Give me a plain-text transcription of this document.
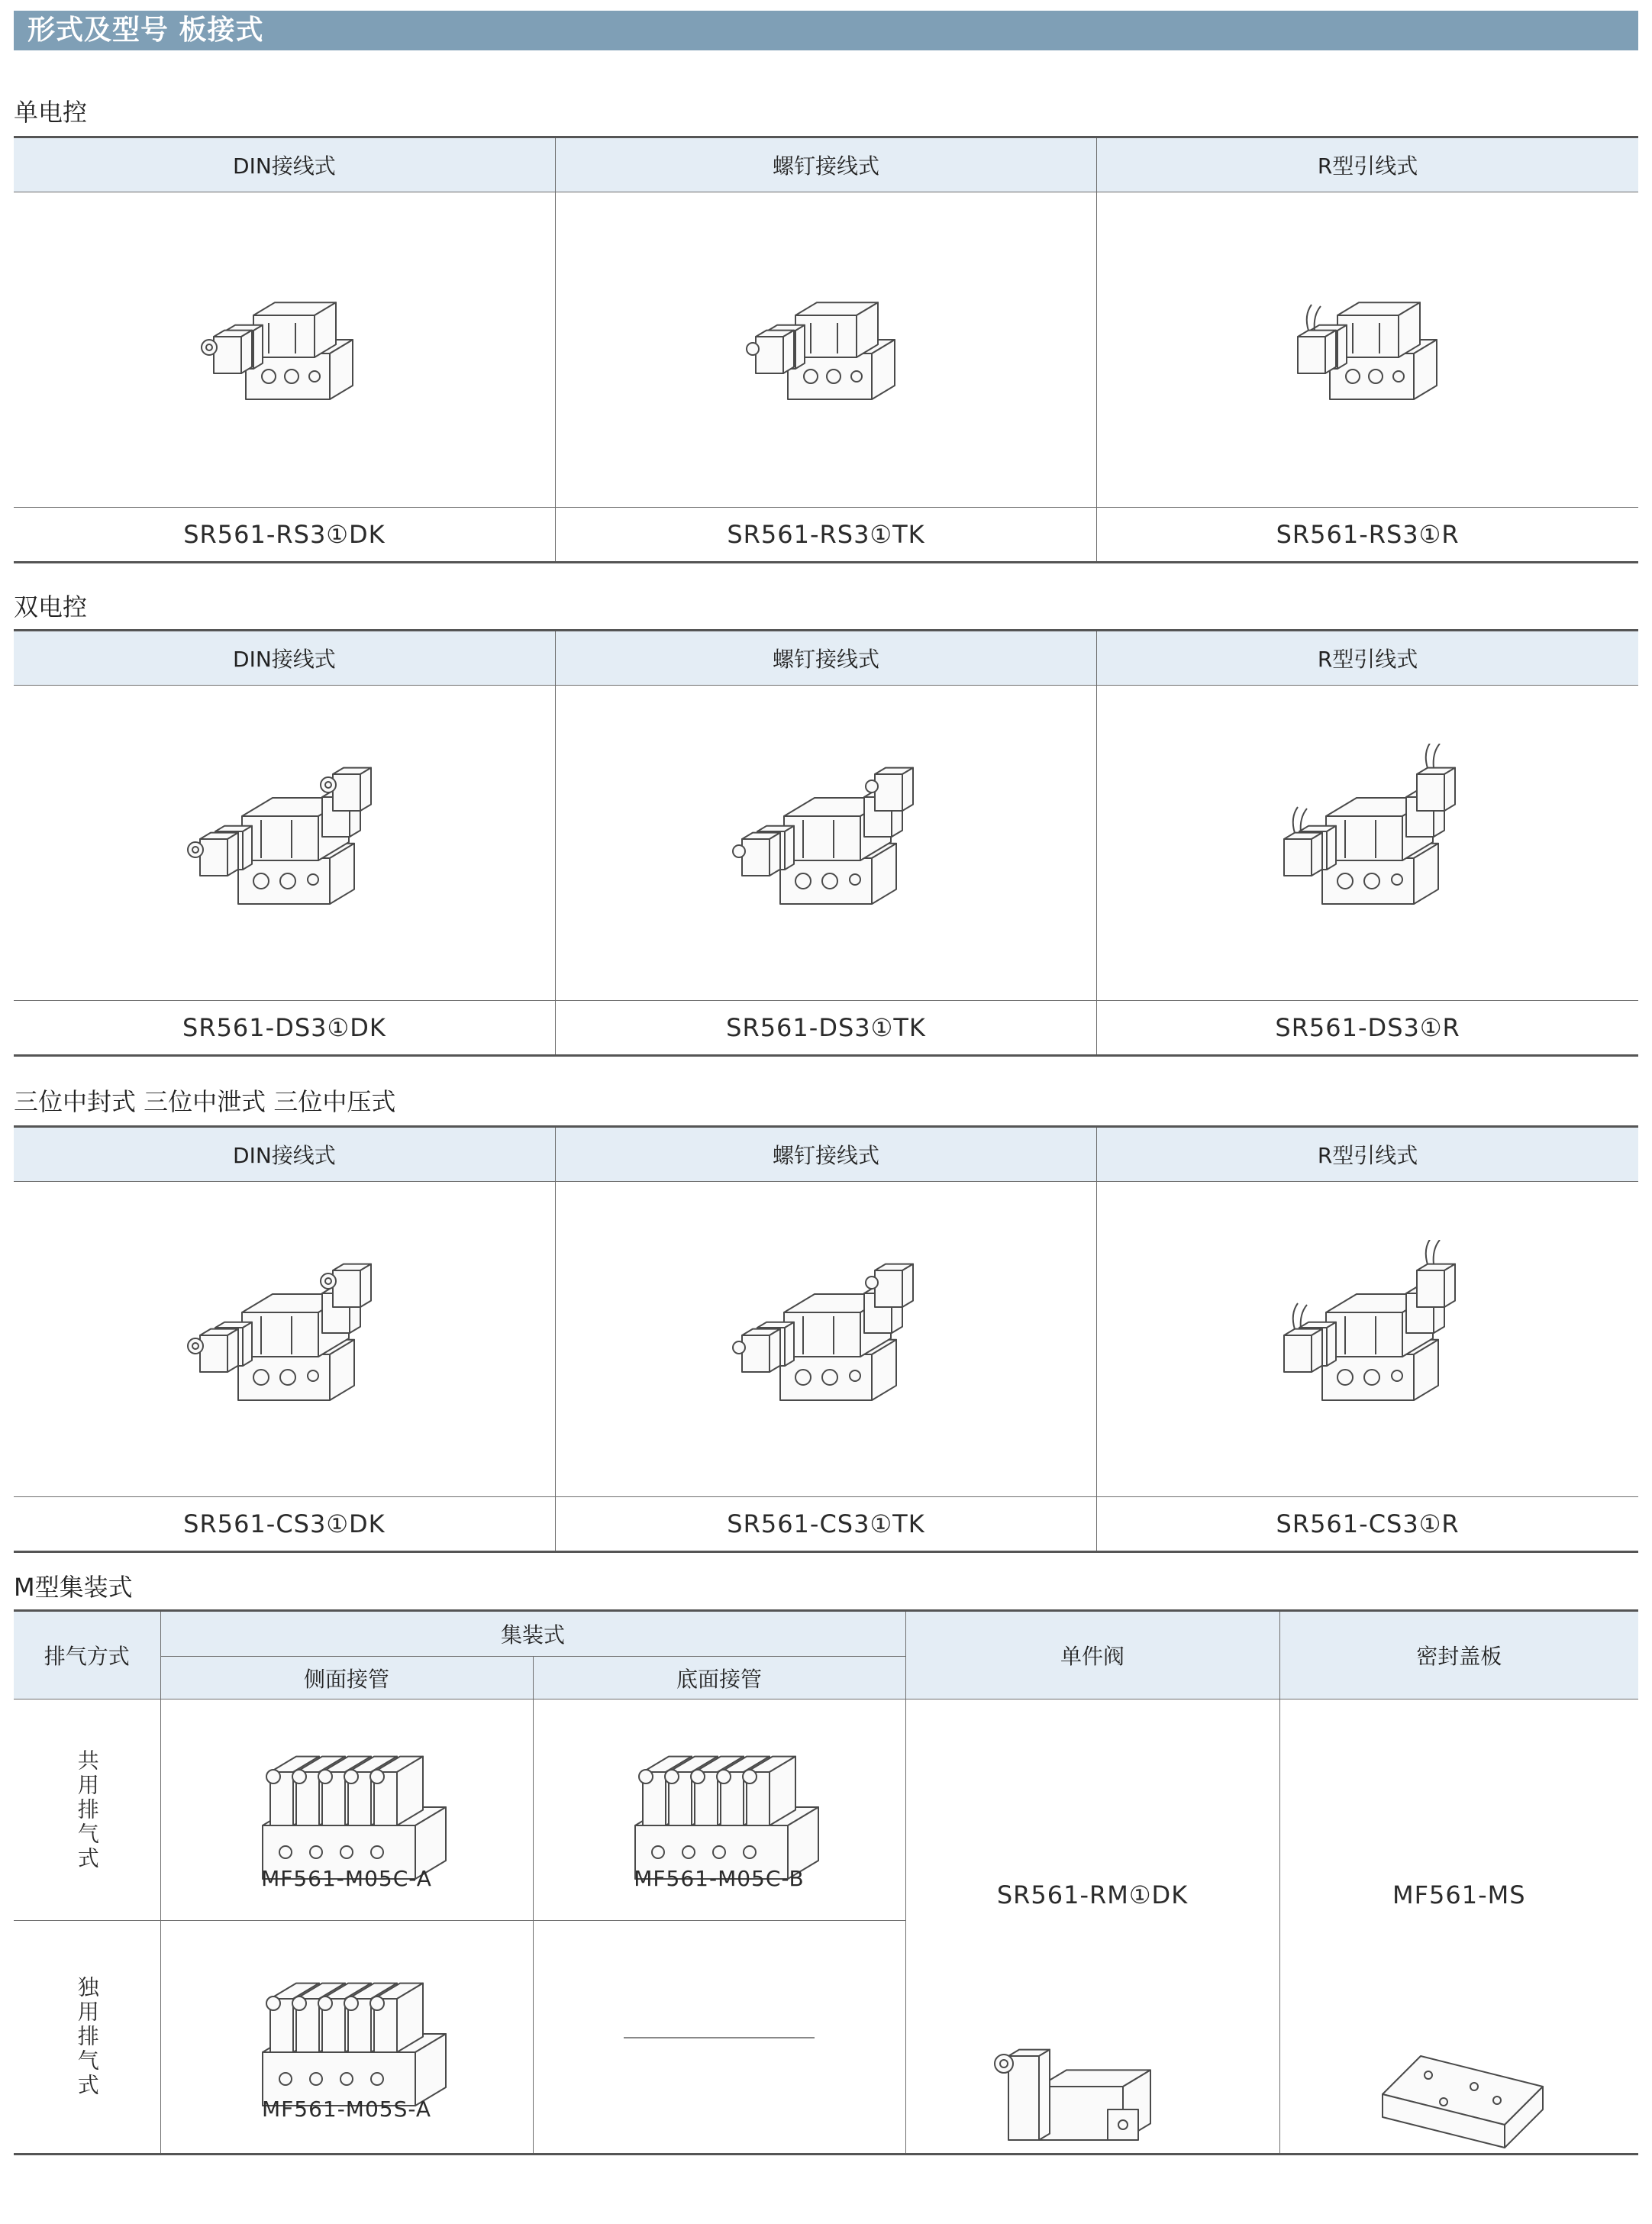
形式及型号 板接式
单电控
DIN接线式	螺钉接线式	R型引线式

SR561-RS3①DK	SR561-RS3①TK	SR561-RS3①R
双电控
DIN接线式	螺钉接线式	R型引线式

SR561-DS3①DK	SR561-DS3①TK	SR561-DS3①R
三位中封式 三位中泄式 三位中压式
DIN接线式	螺钉接线式	R型引线式

SR561-CS3①DK	SR561-CS3①TK	SR561-CS3①R
M型集装式
排气方式	集装式		单件阀	密封盖板
	侧面接管	底面接管		

共用排气式	MF561-M05C-A	MF561-M05C-B	SR561-RM①DK	MF561-MS

独用排气式	MF561-M05S-A			
